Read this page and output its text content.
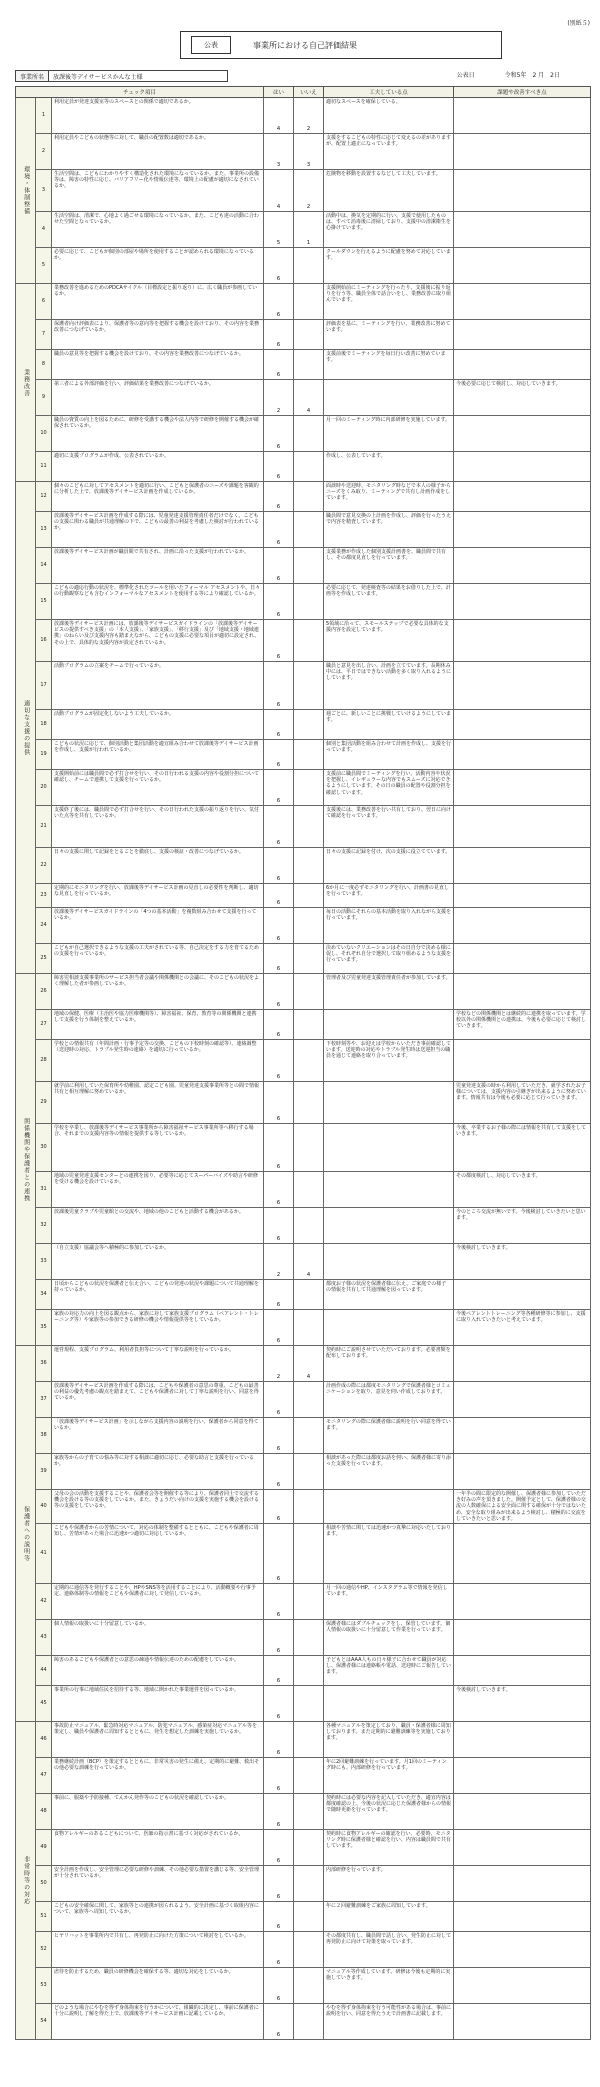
(別紙５)
公表	事業所における自己評価結果
事業所名	放課後等デイサービスかんな士様	公表日	令和5年　2 月　2日
チェック項目			はい	いいえ	工夫している点	課題や改善すべき点
環境・体制整備	1	利用定員が発達支援室等のスペースとの関係で適切であるか。	4	2	適切なスペースを確保している。	
	2	利用定員やこどもの状態等に対して、職員の配置数は適切であるか。	3	3	支援をするこどもの特性に応じて変えるの差がありますが、配置上適正になっています。	
	3	生活空間は、こどもにわかりやすく構造化された環境になっているか。また、事業所の設備等は、障害の特性に応じ、バリアフリー化や情報伝達等、環境上の配慮が適切になされているか。	4	2	危険物を移動を設置するなどして工夫しています。	
	4	生活空間は、清潔で、心地よく過ごせる環境になっているか。また、こども達の活動に合わせた空間となっているか。	5	1	活動中は、換気を定期的に行い、支援で使用したものは、すべて消毒後に清掃しており、支援中の清潔衛生を心掛けています。	
	5	必要に応じて、こどもが個別の部屋や場所を使用することが認められる環境になっているか。	6		クールダウンを行えるように配慮を努めて対応しています。	
業務改善	6	業務改善を進めるためのPDCAサイクル（目標設定と振り返り）に、広く職員が参画しているか。	6		支援開始前にミーティングを行ったり、支援後に振り返りを行う等、職員全体で話合いをし、業務改善に取り組んでいます。	
	7	保護者向け評価表により、保護者等の意向等を把握する機会を設けており、その内容を業務改善につなげているか。	6		評価表を基に、ミーティングを行い、業務改善に努めています。	
	8	職員の意見等を把握する機会を設けており、その内容を業務改善につなげているか。	6		支援前後でミーティングを毎日行い改善に努めています。	
	9	第三者による外部評価を行い、評価結果を業務改善につなげているか。	2	4		今後必要に応じて検討し、対応していきます。
	10	職員の資質の向上を図るために、研修を受講する機会や法人内等で研修を開催する機会が確保されているか。	6		月一回のミーティング時に内部研修を実施しています。	
	11	適切に支援プログラムが作成、公表されているか。	6		作成し、公表しています。	
適切な支援の提供	12	個々のこどもに対してアセスメントを適切に行い、こどもと保護者のニーズや課題を客観的に分析した上で、放課後等デイサービス計画を作成しているか。	6		面談時や送迎時、モニタリング時などで本人の様子からニーズをくみ取り、ミーティングで共有し計画作成をしています。	
	13	放課後等デイサービス計画を作成する際には、児童発達支援管理責任者だけでなく、こどもの支援に関わる職員が共通理解の下で、こどもの最善の利益を考慮した検討が行われているか。	6		職員間で意見交換の上計画を作成し、評価を行ったうえで内容を精査しています。	
	14	放課後等デイサービス計画が職員間で共有され、計画に沿った支援が行われているか。	6		支援業務が作成した個別支援計画書を、職員間で共有し、その都度見直しを行っています。	
	15	こどもの適応行動の状況を、標準化されたツールを用いたフォーマル アセスメントや、日々の行動観察なども含むインフォーマルなアセスメントを使用する等により確認しているか。	6		必要に応じて、発達検査等の結果をお借りした上で、計画等を作成しています。	
	16	放課後等デイサービス計画には、放課後等デイサービスガイドラインの「放課後等デイサービスの提供すべき支援」の「本人支援」、「家族支援」、「移行支援」及び「地域支援・地域連携」のねらい及び支援内容も踏まえながら、こどもの支援に必要な項目が適切に設定され、その上で、具体的な支援内容が設定されているか。	6		5領域に沿って、スモールステップで必要な具体的な支援内容を設定しています。	
	17	活動プログラムの立案をチームで行っているか。	6		職員と意見を出し合い、計画を立てています。長期休み中には、平日ではできない活動を多く取り入れるようにしています。	
	18	活動プログラムが固定化しないよう工夫しているか。	6		週ごとに、新しいことに挑戦していけるようにしています。	
	19	こどもの状況に応じて、個別活動と集団活動を適宜組み合わせて放課後等デイサービス計画を作成し、支援が行われているか。	6		個別と集団活動を組み合わせて計画を作成し、支援を行っています。	
	20	支援開始前には職員間で必ず打合せを行い、その日行われる支援の内容や役割分担について確認し、チームで連携して支援を行っているか。	6		支援前に職員間でミーティングを行い、活動内容や状況を把握し、イレギュラーな内容でもスムーズに対応できるようにしています。その日の職員の配置や役割分担を確認しています。	
	21	支援終了後には、職員間で必ず打合せを行い、その日行われた支援の振り返りを行い、気付いた点等を共有しているか。	6		支援後には、業務改善を行い共有しており、翌日に向けて確認を行っています。	
	22	日々の支援に関して記録をとることを徹底し、支援の検証・改善につなげているか。	6		日々の支援に記録を付け、次の支援に役立てています。	
	23	定期的にモニタリングを行い、放課後等デイサービス計画の見直しの必要性を判断し、適切な見直しを行っているか。	6		6か月に一度必ずモニタリングを行い、計画書の見直しを行っています。	
	24	放課後等デイサービスガイドラインの「4つの基本活動」を複数組み合わせて支援を行っているか。	6		毎日の活動にそれらの基本活動を取り入れながら支援を行っています。	
	25	こどもが自己選択できるような支援の工夫がされている等、自己決定をする力を育てるための支援を行っているか。	6		決めていないクリエーションはその日自分で決める様に促し、それぞれ自分で選択して取り組めるような支援を行っています。	
関係機関や保護者との連携	26	障害児相談支援事業所のサービス担当者会議や関係機関との会議に、そのこどもの状況をよく理解した者が参画しているか。	6		管理者及び児童発達支援管理責任者が参加しています。	
	27	地域の保健、医療（主治医や協力医療機関等）、障害福祉、保育、教育等の関係機関と連携して支援を行う体制を整えているか。	6			学校などの関係機関とは継続的に連携を取っています。学校以外の関係機関との連携は、今後も必要に応じて検討していきます。
	28	学校との情報共有（年間計画・行事予定等の交換、こどもの下校時刻の確認等）、連絡調整（送迎時の対応、トラブル発生時の連絡）を適切に行っているか。	6		下校時刻等や、お迎えは学校からいただき事前確認しています。送迎時の対応やトラブル発生時は送迎担当の職員を通じて連絡を取り合っています。	
	29	就学前に利用していた保育所や幼稚園、認定こども園、児童発達支援事業所等との間で情報共有と相互理解に努めているか。	6			児童発達支援の時から利用していただき、就学されたお子様については、支援内容の引継ぎが出来るように努めています。情報共有は今後も必要に応じて行っていきます。
	30	学校を卒業し、放課後等デイサービス事業所から障害福祉サービス事業所等へ移行する場合、それまでの支援内容等の情報を提供する等しているか。	6			今後、卒業するお子様の際には情報を共有して支援をしていきます。
	31	地域の児童発達支援センターとの連携を図り、必要等に応じてスーパーバイズや助言や研修を受ける機会を設けているか。	6			その都度検討し、対応していきます。
	32	放課後児童クラブや児童館との交流や、地域の他のこどもと活動する機会があるか。	6			今のところ交流が無いです。今後検討していきたいと思います。
	33	（自立支援）協議会等へ積極的に参加しているか。	2	4		今後検討していきます。
	34	日頃からこどもの状況を保護者と伝え合い、こどもの発達の状況や課題について共通理解を持っているか。	6		都度お子様の状況を保護者様に伝え、ご家庭での様子の情報を共有して共通理解を図っています。	
	35	家族の対応力の向上を図る観点から、家族に対して家族支援プログラム（ペアレント・トレーニング等）や家族等の参加できる研修の機会や情報提供等をしているか。	6			今後ペアレントトレーニング等各種研修等に参加し、支援に取り入れていきたいと考えています。
保護者への説明等	36	運営規程、支援プログラム、利用者負担等について丁寧な説明を行っているか。	2	4	契約時にご説明させていただいております。必要書類を配布しております。	
	37	放課後等デイサービス計画を作成する際には、こどもや保護者の意思の尊重、こどもの最善の利益の優先考慮の観点を踏まえて、こどもや保護者に対して丁寧な説明を行い、同意を得ているか。	6		計画作成の際には都度モニタリングで保護者様とコミュニケーションを取り、意見を伺い作成しております。	
	38	「放課後等デイサービス計画」を示しながら支援内容の説明を行い、保護者から同意を得ているか。	6		モニタリングの際に保護者様に説明を行い同意を得ています。	
	39	家族等からの子育ての悩み等に対する相談に適切に応じ、必要な助言と支援を行っているか。	6		相談があった際には都度お話を伺い、保護者様に寄り添った支援を行っています。	
	40	父母の会の活動を支援することや、保護者会等を開催する等により、保護者同士で交流する機会を設ける等の支援をしているか。また、きょうだい向けの支援を実施する機会を設ける等の支援をしているか。	6			一年半の間に限定的な開催し、保護者様に参加していただき好みの声を頂きました。開催予定として、保護者様の交流の人数確保による安全面に関する確保が十分ではないため、安全な取り組みが出来るよう検討し、積極的に交流をしていきたいと思います。
	41	こどもや保護者からの苦情について、対応の体制を整備するとともに、こどもや保護者に周知し、苦情があった場合に迅速かつ適切に対応しているか。	6		相談や苦情に関しては迅速かつ真摯に対応いたしております。	
	42	定期的に通信等を発行することや、HPやSNS等を活用することにより、活動概要や行事予定、連絡体制等の情報をこどもや保護者に対して発信しているか。	6		月一回の通信やHP、インスタグラム等で情報を発信しています。	
	43	個人情報の取扱いに十分留意しているか。	6		保護者様にはダブルチェックをし、保管しています。個人情報の取扱いに十分留意して作業を行っています。	
	44	障害のあるこどもや保護者との意思の疎通や情報伝達のための配慮をしているか。	6		子どもとはAAA人もの日々様子に合わせて職員が対応し、保護者様には連絡帳や電話、送迎時にご報告しています。	
	45	事業所の行事に地域住民を招待する等、地域に開かれた事業運営を図っているか。	6			今後検討していきます。
非常時等の対応	46	事故防止マニュアル、緊急時対応マニュアル、防犯マニュアル、感染症対応マニュアル等を策定し、職員や保護者に周知するとともに、発生を想定した訓練を実施しているか。	6		各種マニュアルを策定しており、職員・保護者様に周知しております。また定期的に避難訓練等を実施しております。	
	47	業務継続計画（BCP）を策定するとともに、非常災害の発生に備え、定期的に避難、救出その他必要な訓練を行っているか。	6		年に2回避難訓練を行っています。月1回のミーティング時にも、内部研修を行っています。	
	48	事前に、服薬や予防接種、てんかん発作等のこどもの状況を確認しているか。	6		契約時には必要な内容を記入していただき、適宜内容は都度確認の上、今後の状況に応じた保護者様からの情報で随時更新を行っています。	
	49	食物アレルギーのあるこどもについて、医師の指示書に基づく対応がされているか。	6		契約時に食物アレルギーの確認を行い、必要時、モニタリング時に保護者様と確認を行い、内容は職員間で共有しています。	
	50	安全計画を作成し、安全管理に必要な研修や訓練、その他必要な措置を講じる等、安全管理が十分されているか。	6		内部研修を行っています。	
	51	こどもの安全確保に関して、家族等との連携が図られるよう、安全計画に基づく取組内容について、家族等へ周知しているか。	6		年に２回避難訓練をご家族に周知しています。	
	52	ヒヤリハットを事業所内で共有し、再発防止に向けた方策について検討をしているか。	6		その都度共有し、職員間で話し合い、発生防止に対して再発防止に向けて対策を取っています。	
	53	虐待を防止するため、職員の研修機会を確保する等、適切な対応をしているか。	6		マニュアル等作成しています。研修は今後も定期的に実施していきます。	
	54	どのような場合にやむを得ず身体拘束を行うかについて、組織的に決定し、事前に保護者に十分に説明し了解を得た上で、放課後等デイサービス計画に記載しているか。	6		やむを得ず身体拘束を行う可能性がある場合は、事前に説明を行い、同意を得たうえで計画書に記載します。	
